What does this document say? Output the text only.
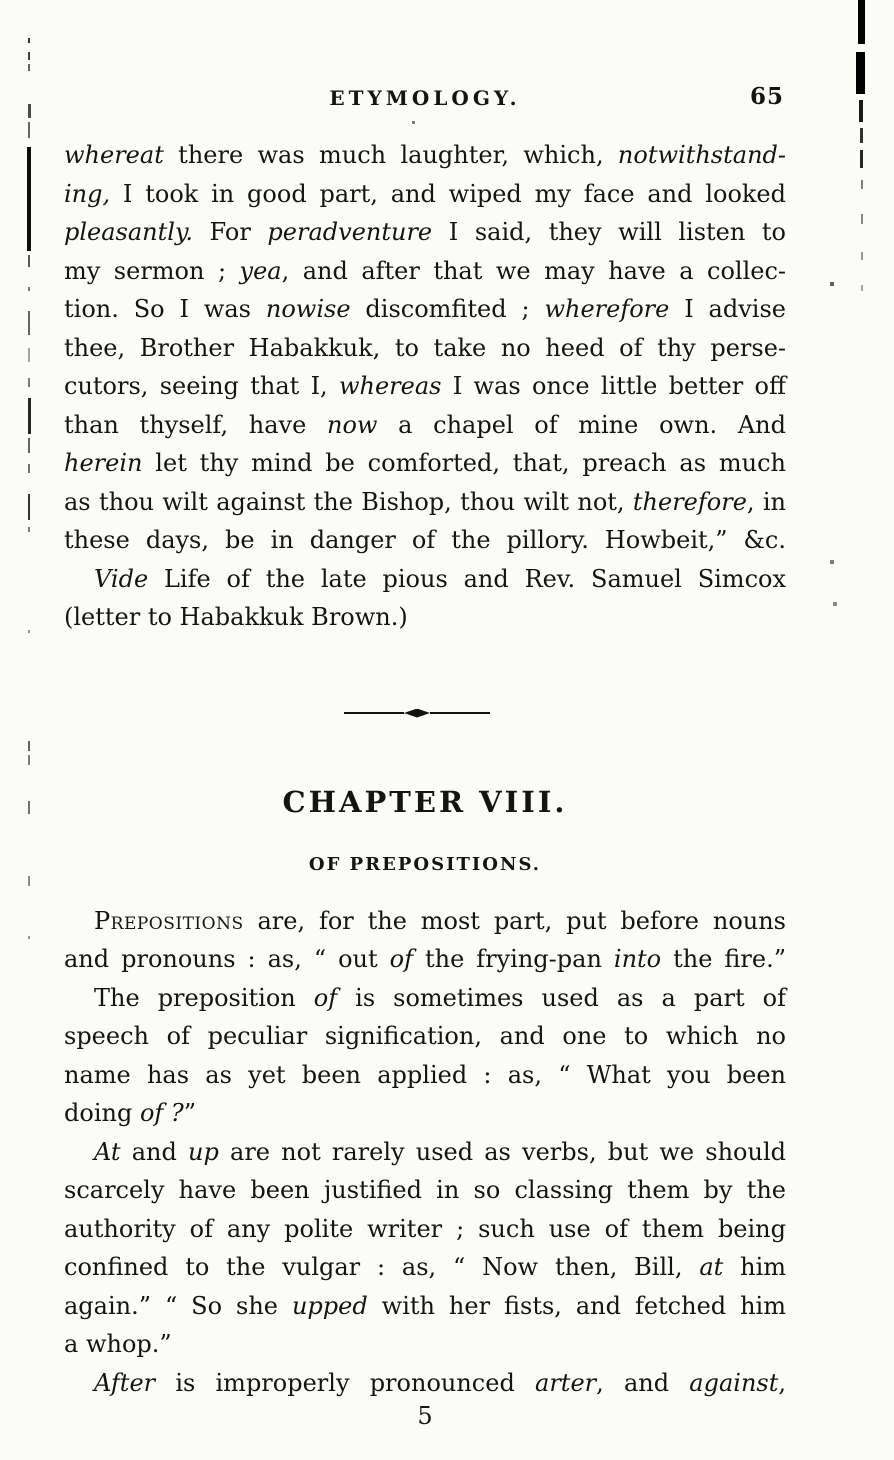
ETYMOLOGY.	65
whereat there was much laughter, which, notwithstand-
ing, I took in good part, and wiped my face and looked
pleasantly. For peradventure I said, they will listen to
my sermon ; yea, and after that we may have a collec-
tion. So I was nowise discomfited ; wherefore I advise
thee, Brother Habakkuk, to take no heed of thy perse-
cutors, seeing that I, whereas I was once little better off
than thyself, have now a chapel of mine own. And
herein let thy mind be comforted, that, preach as much
as thou wilt against the Bishop, thou wilt not, therefore, in
these days, be in danger of the pillory. Howbeit,” &c.
Vide Life of the late pious and Rev. Samuel Simcox
(letter to Habakkuk Brown.)
CHAPTER VIII.
OF PREPOSITIONS.
Prepositions are, for the most part, put before nouns
and pronouns : as, “ out of the frying-pan into the fire.”
The preposition of is sometimes used as a part of
speech of peculiar signification, and one to which no
name has as yet been applied : as, “ What you been
doing of ?”
At and up are not rarely used as verbs, but we should
scarcely have been justified in so classing them by the
authority of any polite writer ; such use of them being
confined to the vulgar : as, “ Now then, Bill, at him
again.” “ So she upped with her fists, and fetched him
a whop.”
After is improperly pronounced arter, and against,
5
